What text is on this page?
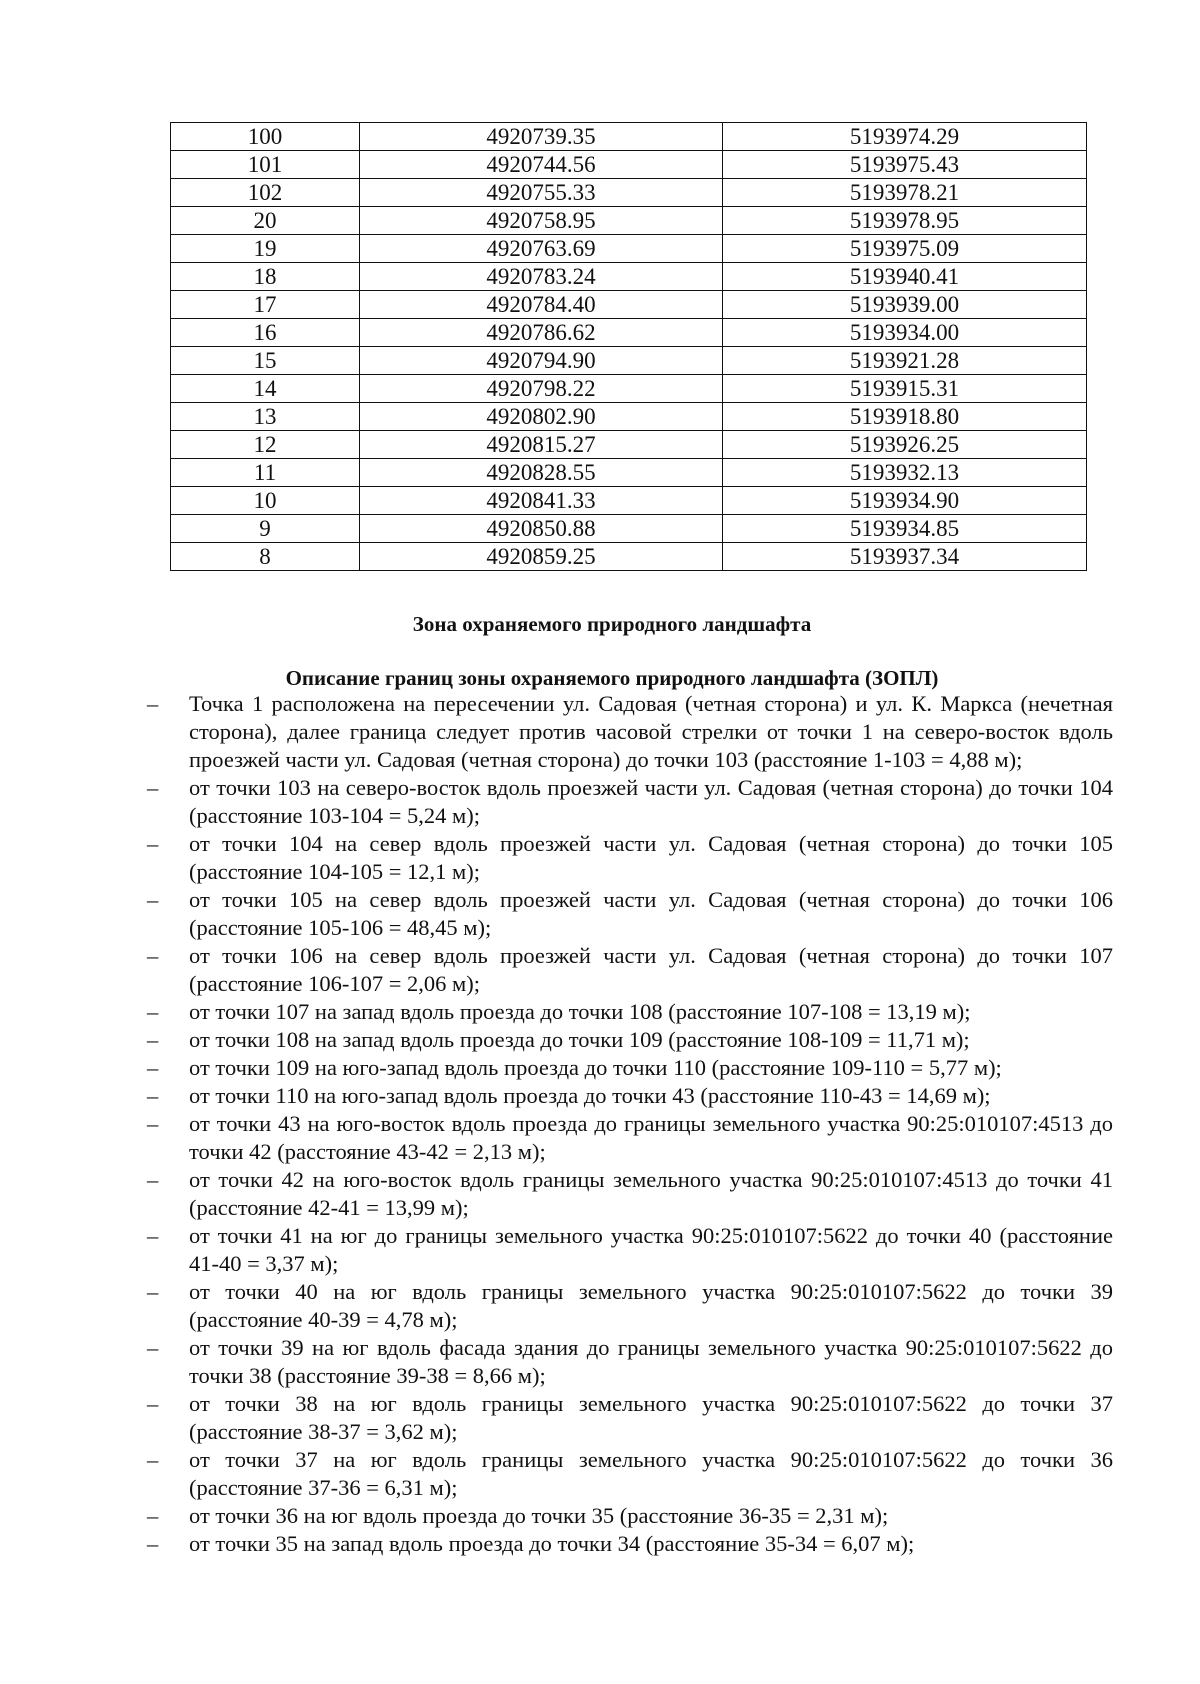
100	4920739.35	5193974.29
101	4920744.56	5193975.43
102	4920755.33	5193978.21
20	4920758.95	5193978.95
19	4920763.69	5193975.09
18	4920783.24	5193940.41
17	4920784.40	5193939.00
16	4920786.62	5193934.00
15	4920794.90	5193921.28
14	4920798.22	5193915.31
13	4920802.90	5193918.80
12	4920815.27	5193926.25
11	4920828.55	5193932.13
10	4920841.33	5193934.90
9	4920850.88	5193934.85
8	4920859.25	5193937.34
Зона охраняемого природного ландшафта
Описание границ зоны охраняемого природного ландшафта (ЗОПЛ)
– Точка 1 расположена на пересечении ул. Садовая (четная сторона) и ул. К. Маркса (нечетная сторона), далее граница следует против часовой стрелки от точки 1 на северо-восток вдоль проезжей части ул. Садовая (четная сторона) до точки 103 (расстояние 1-103 = 4,88 м);
– от точки 103 на северо-восток вдоль проезжей части ул. Садовая (четная сторона) до точки 104 (расстояние 103-104 = 5,24 м);
– от точки 104 на север вдоль проезжей части ул. Садовая (четная сторона) до точки 105 (расстояние 104-105 = 12,1 м);
– от точки 105 на север вдоль проезжей части ул. Садовая (четная сторона) до точки 106 (расстояние 105-106 = 48,45 м);
– от точки 106 на север вдоль проезжей части ул. Садовая (четная сторона) до точки 107 (расстояние 106-107 = 2,06 м);
– от точки 107 на запад вдоль проезда до точки 108 (расстояние 107-108 = 13,19 м);
– от точки 108 на запад вдоль проезда до точки 109 (расстояние 108-109 = 11,71 м);
– от точки 109 на юго-запад вдоль проезда до точки 110 (расстояние 109-110 = 5,77 м);
– от точки 110 на юго-запад вдоль проезда до точки 43 (расстояние 110-43 = 14,69 м);
– от точки 43 на юго-восток вдоль проезда до границы земельного участка 90:25:010107:4513 до точки 42 (расстояние 43-42 = 2,13 м);
– от точки 42 на юго-восток вдоль границы земельного участка 90:25:010107:4513 до точки 41 (расстояние 42-41 = 13,99 м);
– от точки 41 на юг до границы земельного участка 90:25:010107:5622 до точки 40 (расстояние 41-40 = 3,37 м);
– от точки 40 на юг вдоль границы земельного участка 90:25:010107:5622 до точки 39 (расстояние 40-39 = 4,78 м);
– от точки 39 на юг вдоль фасада здания до границы земельного участка 90:25:010107:5622 до точки 38 (расстояние 39-38 = 8,66 м);
– от точки 38 на юг вдоль границы земельного участка 90:25:010107:5622 до точки 37 (расстояние 38-37 = 3,62 м);
– от точки 37 на юг вдоль границы земельного участка 90:25:010107:5622 до точки 36 (расстояние 37-36 = 6,31 м);
– от точки 36 на юг вдоль проезда до точки 35 (расстояние 36-35 = 2,31 м);
– от точки 35 на запад вдоль проезда до точки 34 (расстояние 35-34 = 6,07 м);
